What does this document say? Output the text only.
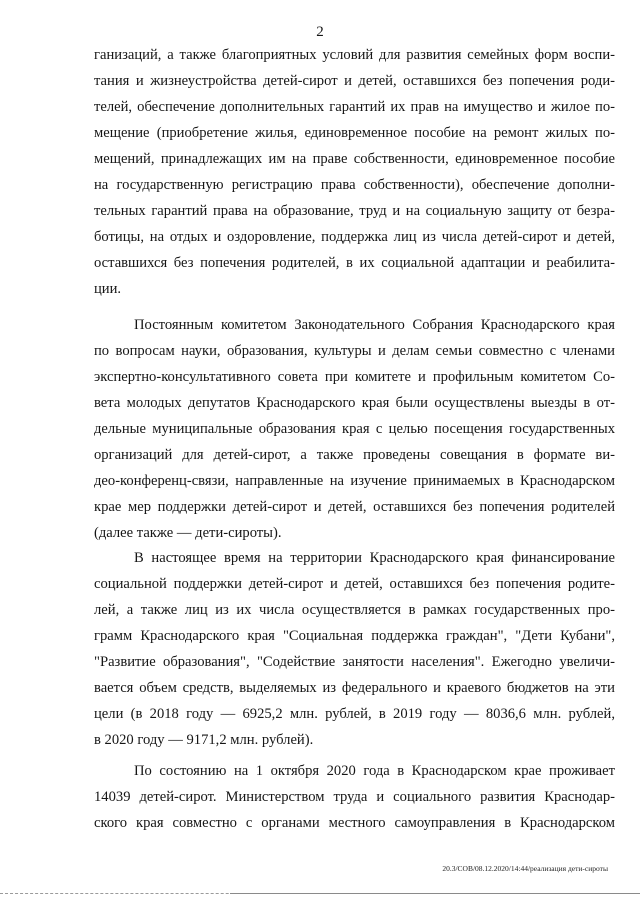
2
ганизаций, а также благоприятных условий для развития семейных форм воспи-
тания и жизнеустройства детей-сирот и детей, оставшихся без попечения роди-
телей, обеспечение дополнительных гарантий их прав на имущество и жилое по-
мещение (приобретение жилья, единовременное пособие на ремонт жилых по-
мещений, принадлежащих им на праве собственности, единовременное пособие
на государственную регистрацию права собственности), обеспечение дополни-
тельных гарантий права на образование, труд и на социальную защиту от безра-
ботицы, на отдых и оздоровление, поддержка лиц из числа детей-сирот и детей,
оставшихся без попечения родителей, в их социальной адаптации и реабилита-
ции.
Постоянным комитетом Законодательного Собрания Краснодарского края
по вопросам науки, образования, культуры и делам семьи совместно с членами
экспертно-консультативного совета при комитете и профильным комитетом Со-
вета молодых депутатов Краснодарского края были осуществлены выезды в от-
дельные муниципальные образования края с целью посещения государственных
организаций для детей-сирот, а также проведены совещания в формате ви-
део-конференц-связи, направленные на изучение принимаемых в Краснодарском
крае мер поддержки детей-сирот и детей, оставшихся без попечения родителей
(далее также — дети-сироты).
В настоящее время на территории Краснодарского края финансирование
социальной поддержки детей-сирот и детей, оставшихся без попечения родите-
лей, а также лиц из их числа осуществляется в рамках государственных про-
грамм Краснодарского края "Социальная поддержка граждан", "Дети Кубани",
"Развитие образования", "Содействие занятости населения". Ежегодно увеличи-
вается объем средств, выделяемых из федерального и краевого бюджетов на эти
цели (в 2018 году — 6925,2 млн. рублей, в 2019 году — 8036,6 млн. рублей,
в 2020 году — 9171,2 млн. рублей).
По состоянию на 1 октября 2020 года в Краснодарском крае проживает
14039 детей-сирот. Министерством труда и социального развития Краснодар-
ского края совместно с органами местного самоуправления в Краснодарском
20.3/СОВ/08.12.2020/14:44/реализация дети-сироты
